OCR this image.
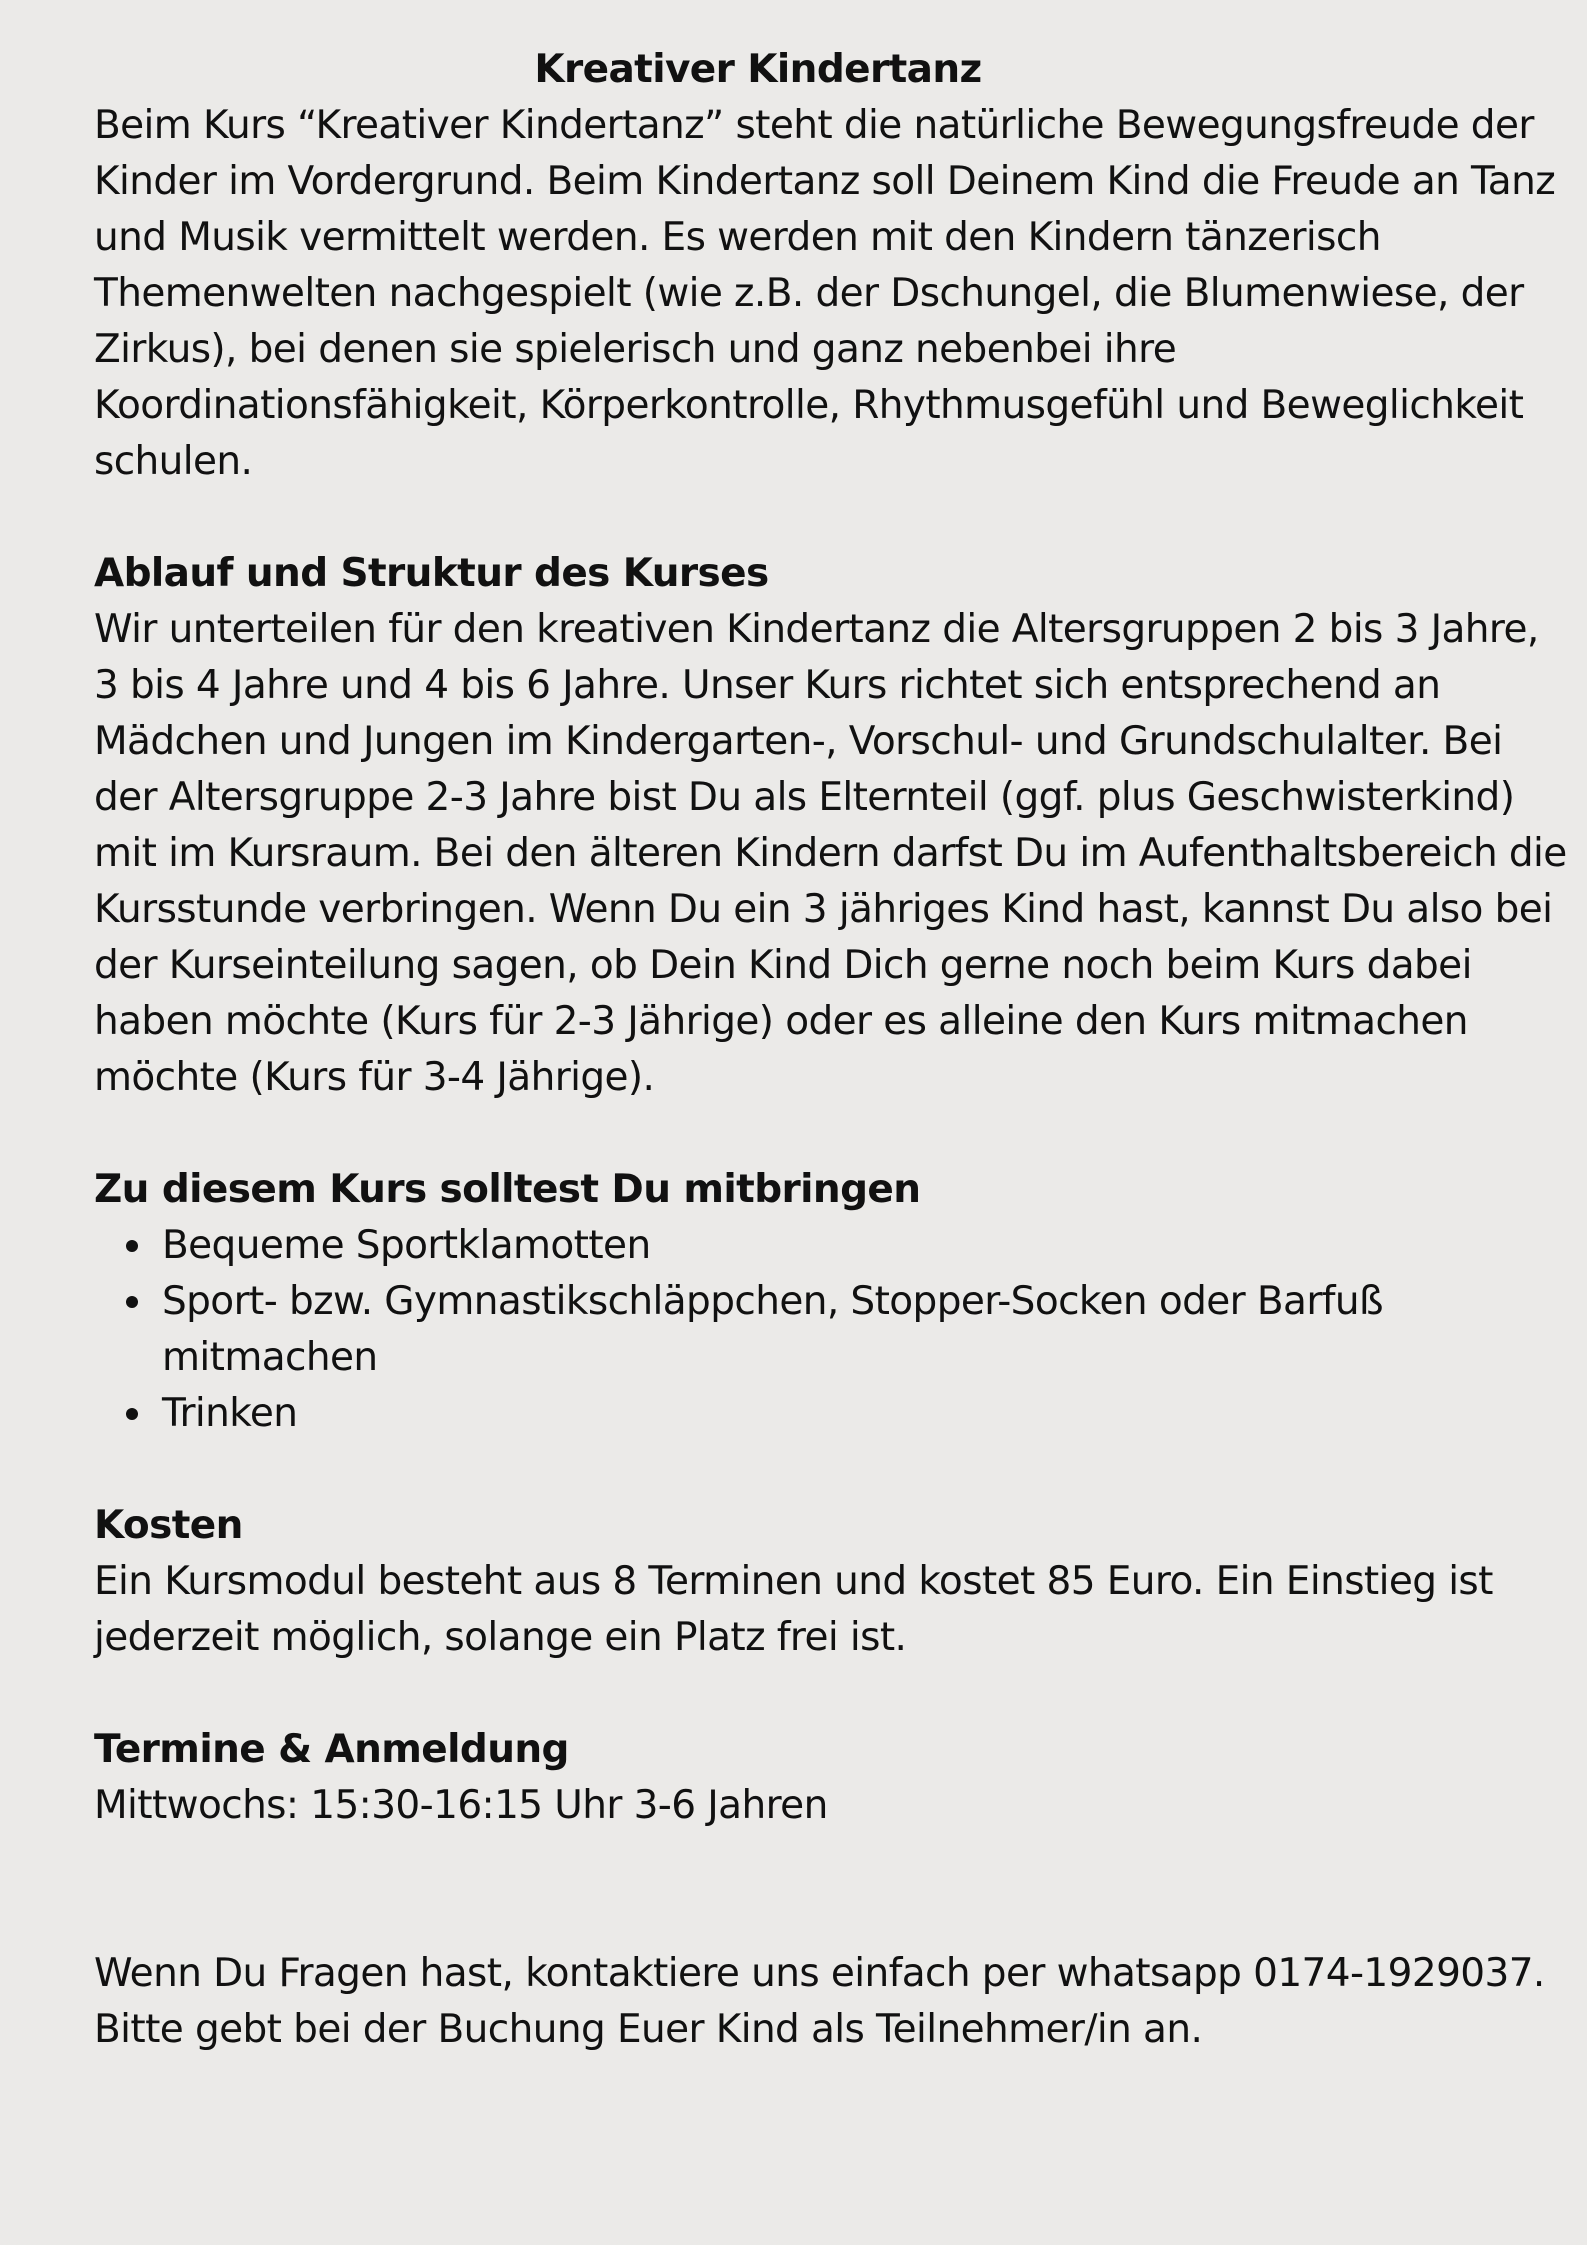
Kreativer Kindertanz

Beim Kurs “Kreativer Kindertanz” steht die natürliche Bewegungsfreude der Kinder im Vordergrund. Beim Kindertanz soll Deinem Kind die Freude an Tanz und Musik vermittelt werden. Es werden mit den Kindern tänzerisch Themenwelten nachgespielt (wie z.B. der Dschungel, die Blumenwiese, der Zirkus), bei denen sie spielerisch und ganz nebenbei ihre Koordinationsfähigkeit, Körperkontrolle, Rhythmusgefühl und Beweglichkeit schulen.

Ablauf und Struktur des Kurses

Wir unterteilen für den kreativen Kindertanz die Altersgruppen 2 bis 3 Jahre, 3 bis 4 Jahre und 4 bis 6 Jahre. Unser Kurs richtet sich entsprechend an Mädchen und Jungen im Kindergarten-, Vorschul- und Grundschulalter. Bei der Altersgruppe 2-3 Jahre bist Du als Elternteil (ggf. plus Geschwisterkind) mit im Kursraum. Bei den älteren Kindern darfst Du im Aufenthaltsbereich die Kursstunde verbringen. Wenn Du ein 3 jähriges Kind hast, kannst Du also bei der Kurseinteilung sagen, ob Dein Kind Dich gerne noch beim Kurs dabei haben möchte (Kurs für 2-3 Jährige) oder es alleine den Kurs mitmachen möchte (Kurs für 3-4 Jährige).

Zu diesem Kurs solltest Du mitbringen
Bequeme Sportklamotten
Sport- bzw. Gymnastikschläppchen, Stopper-Socken oder Barfuß mitmachen
Trinken
Kosten

Ein Kursmodul besteht aus 8 Terminen und kostet 85 Euro. Ein Einstieg ist jederzeit möglich, solange ein Platz frei ist.

Termine & Anmeldung

Mittwochs: 15:30-16:15 Uhr 3-6 Jahren

Wenn Du Fragen hast, kontaktiere uns einfach per whatsapp 0174-1929037.

Bitte gebt bei der Buchung Euer Kind als Teilnehmer/in an.
